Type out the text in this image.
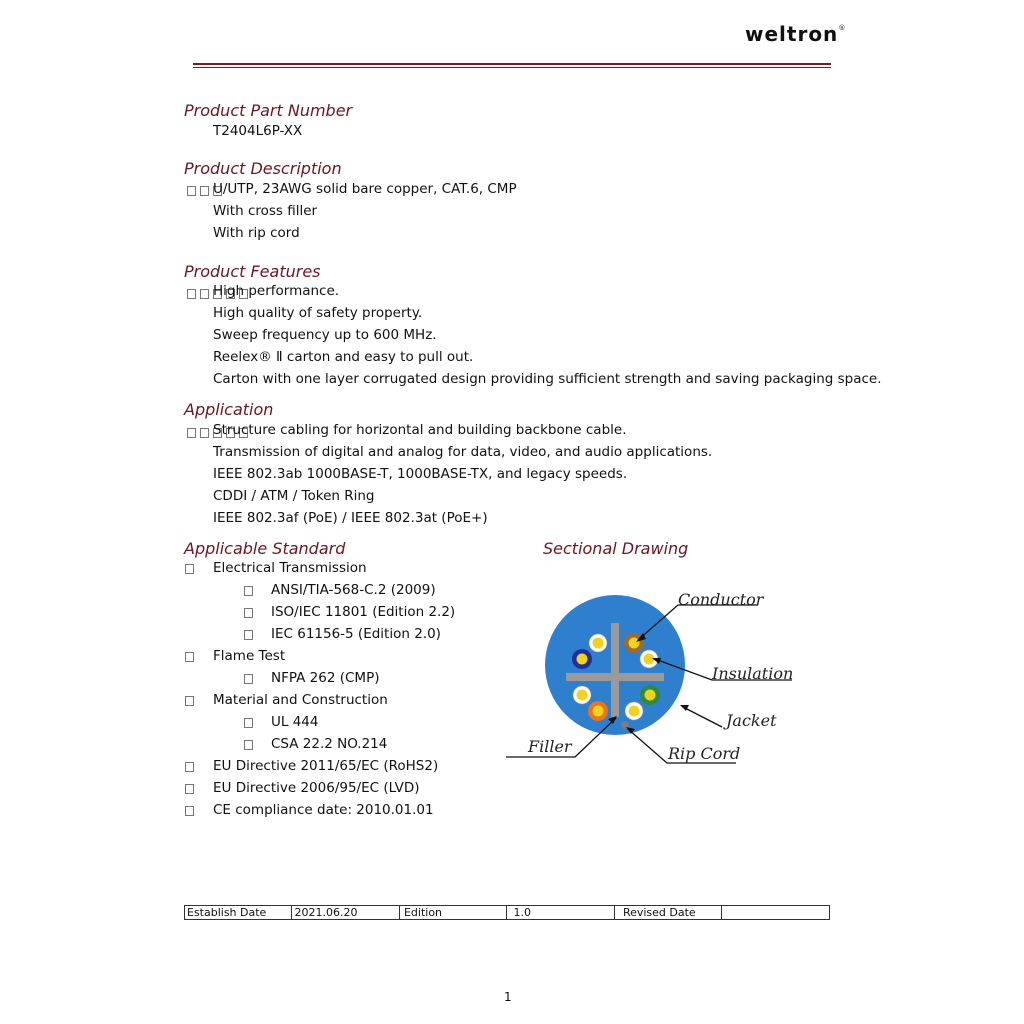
weltron®
Product Part Number
T2404L6P-XX
Product Description
U/UTP, 23AWG solid bare copper, CAT.6, CMP
With cross filler
With rip cord
Product Features
High performance.
High quality of safety property.
Sweep frequency up to 600 MHz.
Reelex® Ⅱ carton and easy to pull out.
Carton with one layer corrugated design providing sufficient strength and saving packaging space.
Application
Structure cabling for horizontal and building backbone cable.
Transmission of digital and analog for data, video, and audio applications.
IEEE 802.3ab 1000BASE-T, 1000BASE-TX, and legacy speeds.
CDDI / ATM / Token Ring
IEEE 802.3af (PoE) / IEEE 802.3at (PoE+)
Applicable Standard
Electrical Transmission
ANSI/TIA-568-C.2 (2009)
ISO/IEC 11801 (Edition 2.2)
IEC 61156-5 (Edition 2.0)
Flame Test
NFPA 262 (CMP)
Material and Construction
UL 444
CSA 22.2 NO.214
EU Directive 2011/65/EC (RoHS2)
EU Directive 2006/95/EC (LVD)
CE compliance date: 2010.01.01
Sectional Drawing
Conductor
Insulation
Jacket
Filler	Rip Cord
Establish Date	2021.06.20	Edition	1.0	Revised Date	
1
